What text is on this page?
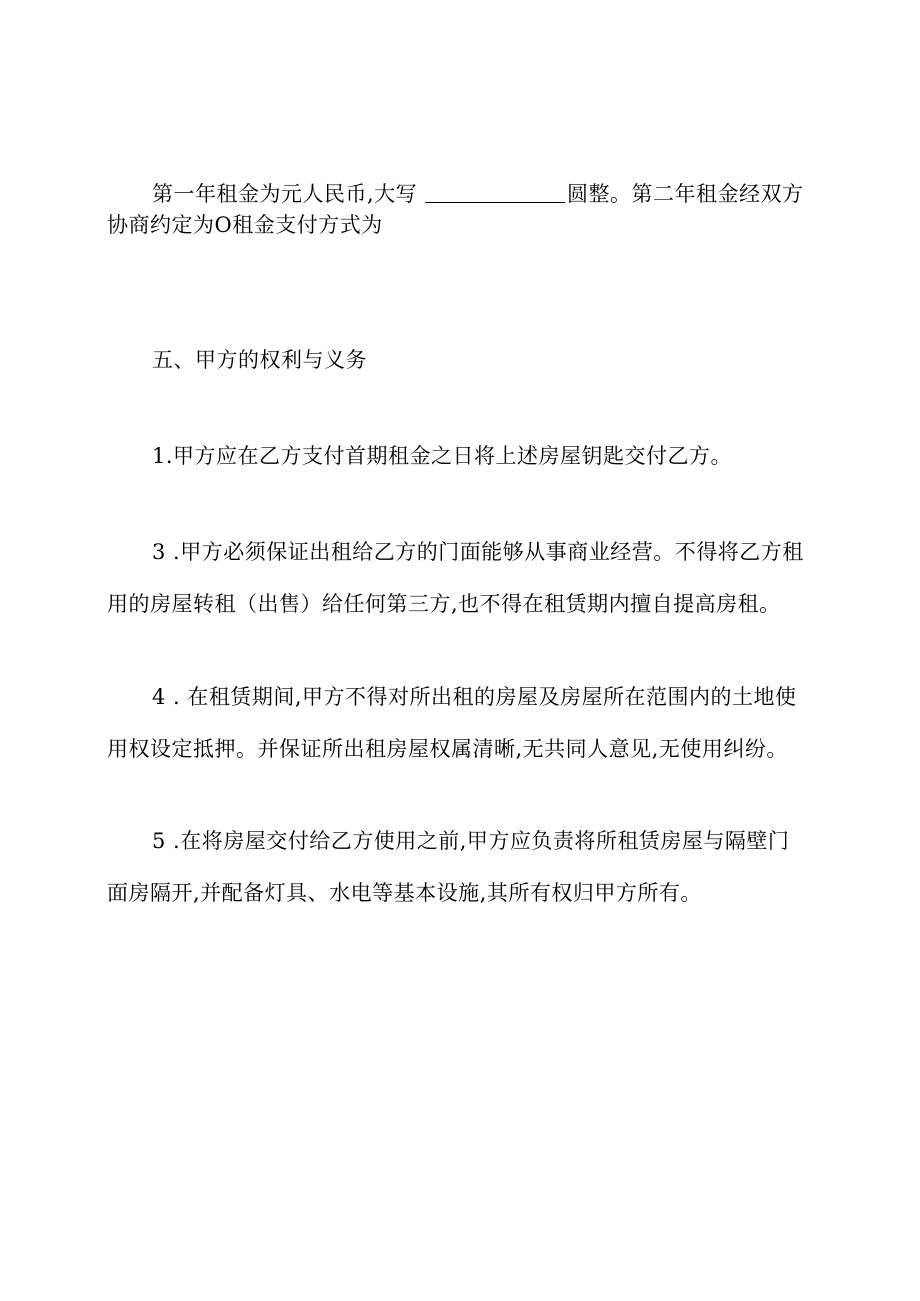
第一年租金为元人民币,大写	圆整。第二年租金经双方
协商约定为O租金支付方式为
五、甲方的权利与义务
1.甲方应在乙方支付首期租金之日将上述房屋钥匙交付乙方。
3 .甲方必须保证出租给乙方的门面能够从事商业经营。不得将乙方租
用的房屋转租（出售）给任何第三方,也不得在租赁期内擅自提高房租。
4 . 在租赁期间,甲方不得对所出租的房屋及房屋所在范围内的土地使
用权设定抵押。并保证所出租房屋权属清晰,无共同人意见,无使用纠纷。
5 .在将房屋交付给乙方使用之前,甲方应负责将所租赁房屋与隔壁门
面房隔开,并配备灯具、水电等基本设施,其所有权归甲方所有。
